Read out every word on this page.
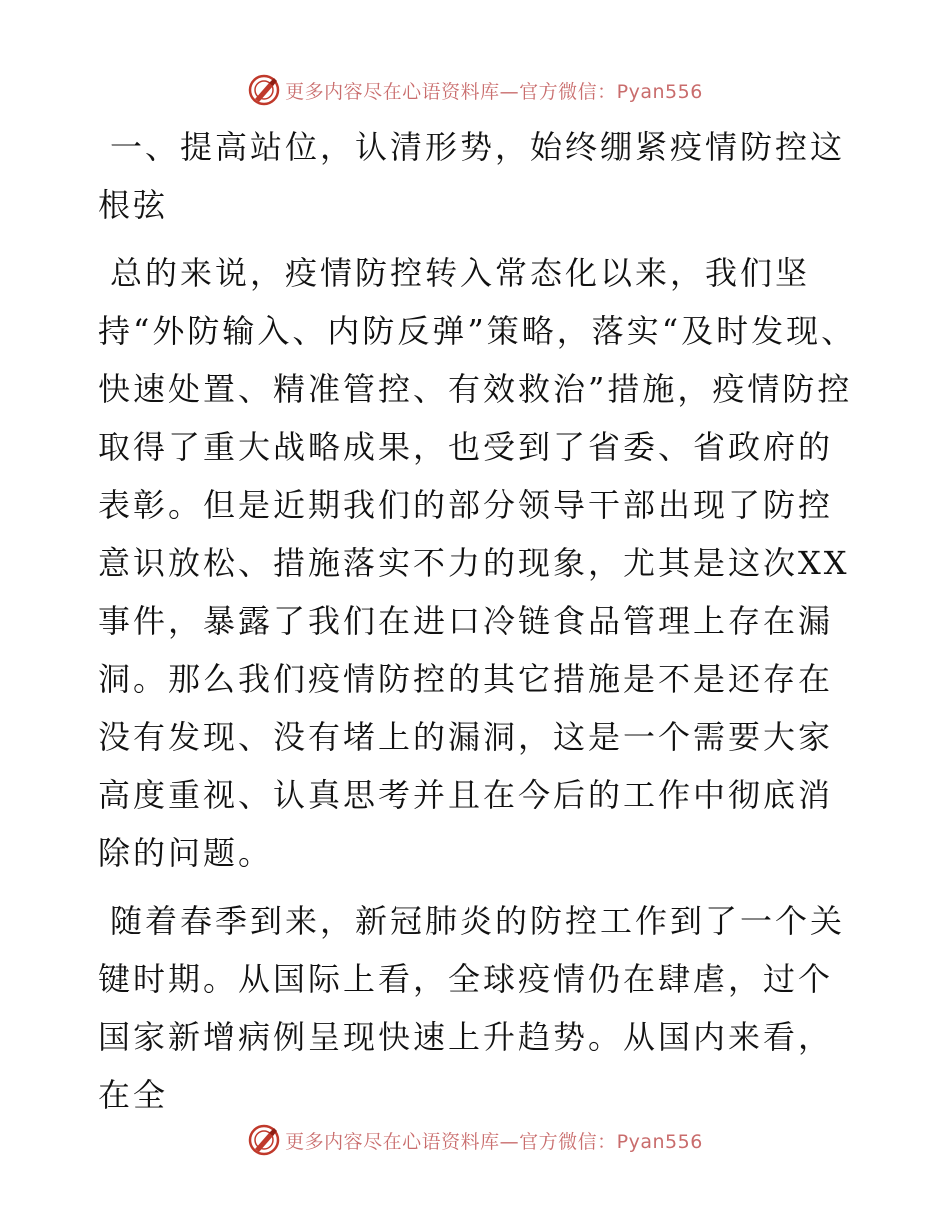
更多内容尽在心语资料库—官方微信：Pyan556

一、提高站位，认清形势，始终绷紧疫情防控这根弦

总的来说，疫情防控转入常态化以来，我们坚持“外防输入、内防反弹”策略，落实“及时发现、快速处置、精准管控、有效救治”措施，疫情防控取得了重大战略成果，也受到了省委、省政府的表彰。但是近期我们的部分领导干部出现了防控意识放松、措施落实不力的现象，尤其是这次XX事件，暴露了我们在进口冷链食品管理上存在漏洞。那么我们疫情防控的其它措施是不是还存在没有发现、没有堵上的漏洞，这是一个需要大家高度重视、认真思考并且在今后的工作中彻底消除的问题。

随着春季到来，新冠肺炎的防控工作到了一个关键时期。从国际上看，全球疫情仍在肆虐，过个国家新增病例呈现快速上升趋势。从国内来看，在全

更多内容尽在心语资料库—官方微信：Pyan556
